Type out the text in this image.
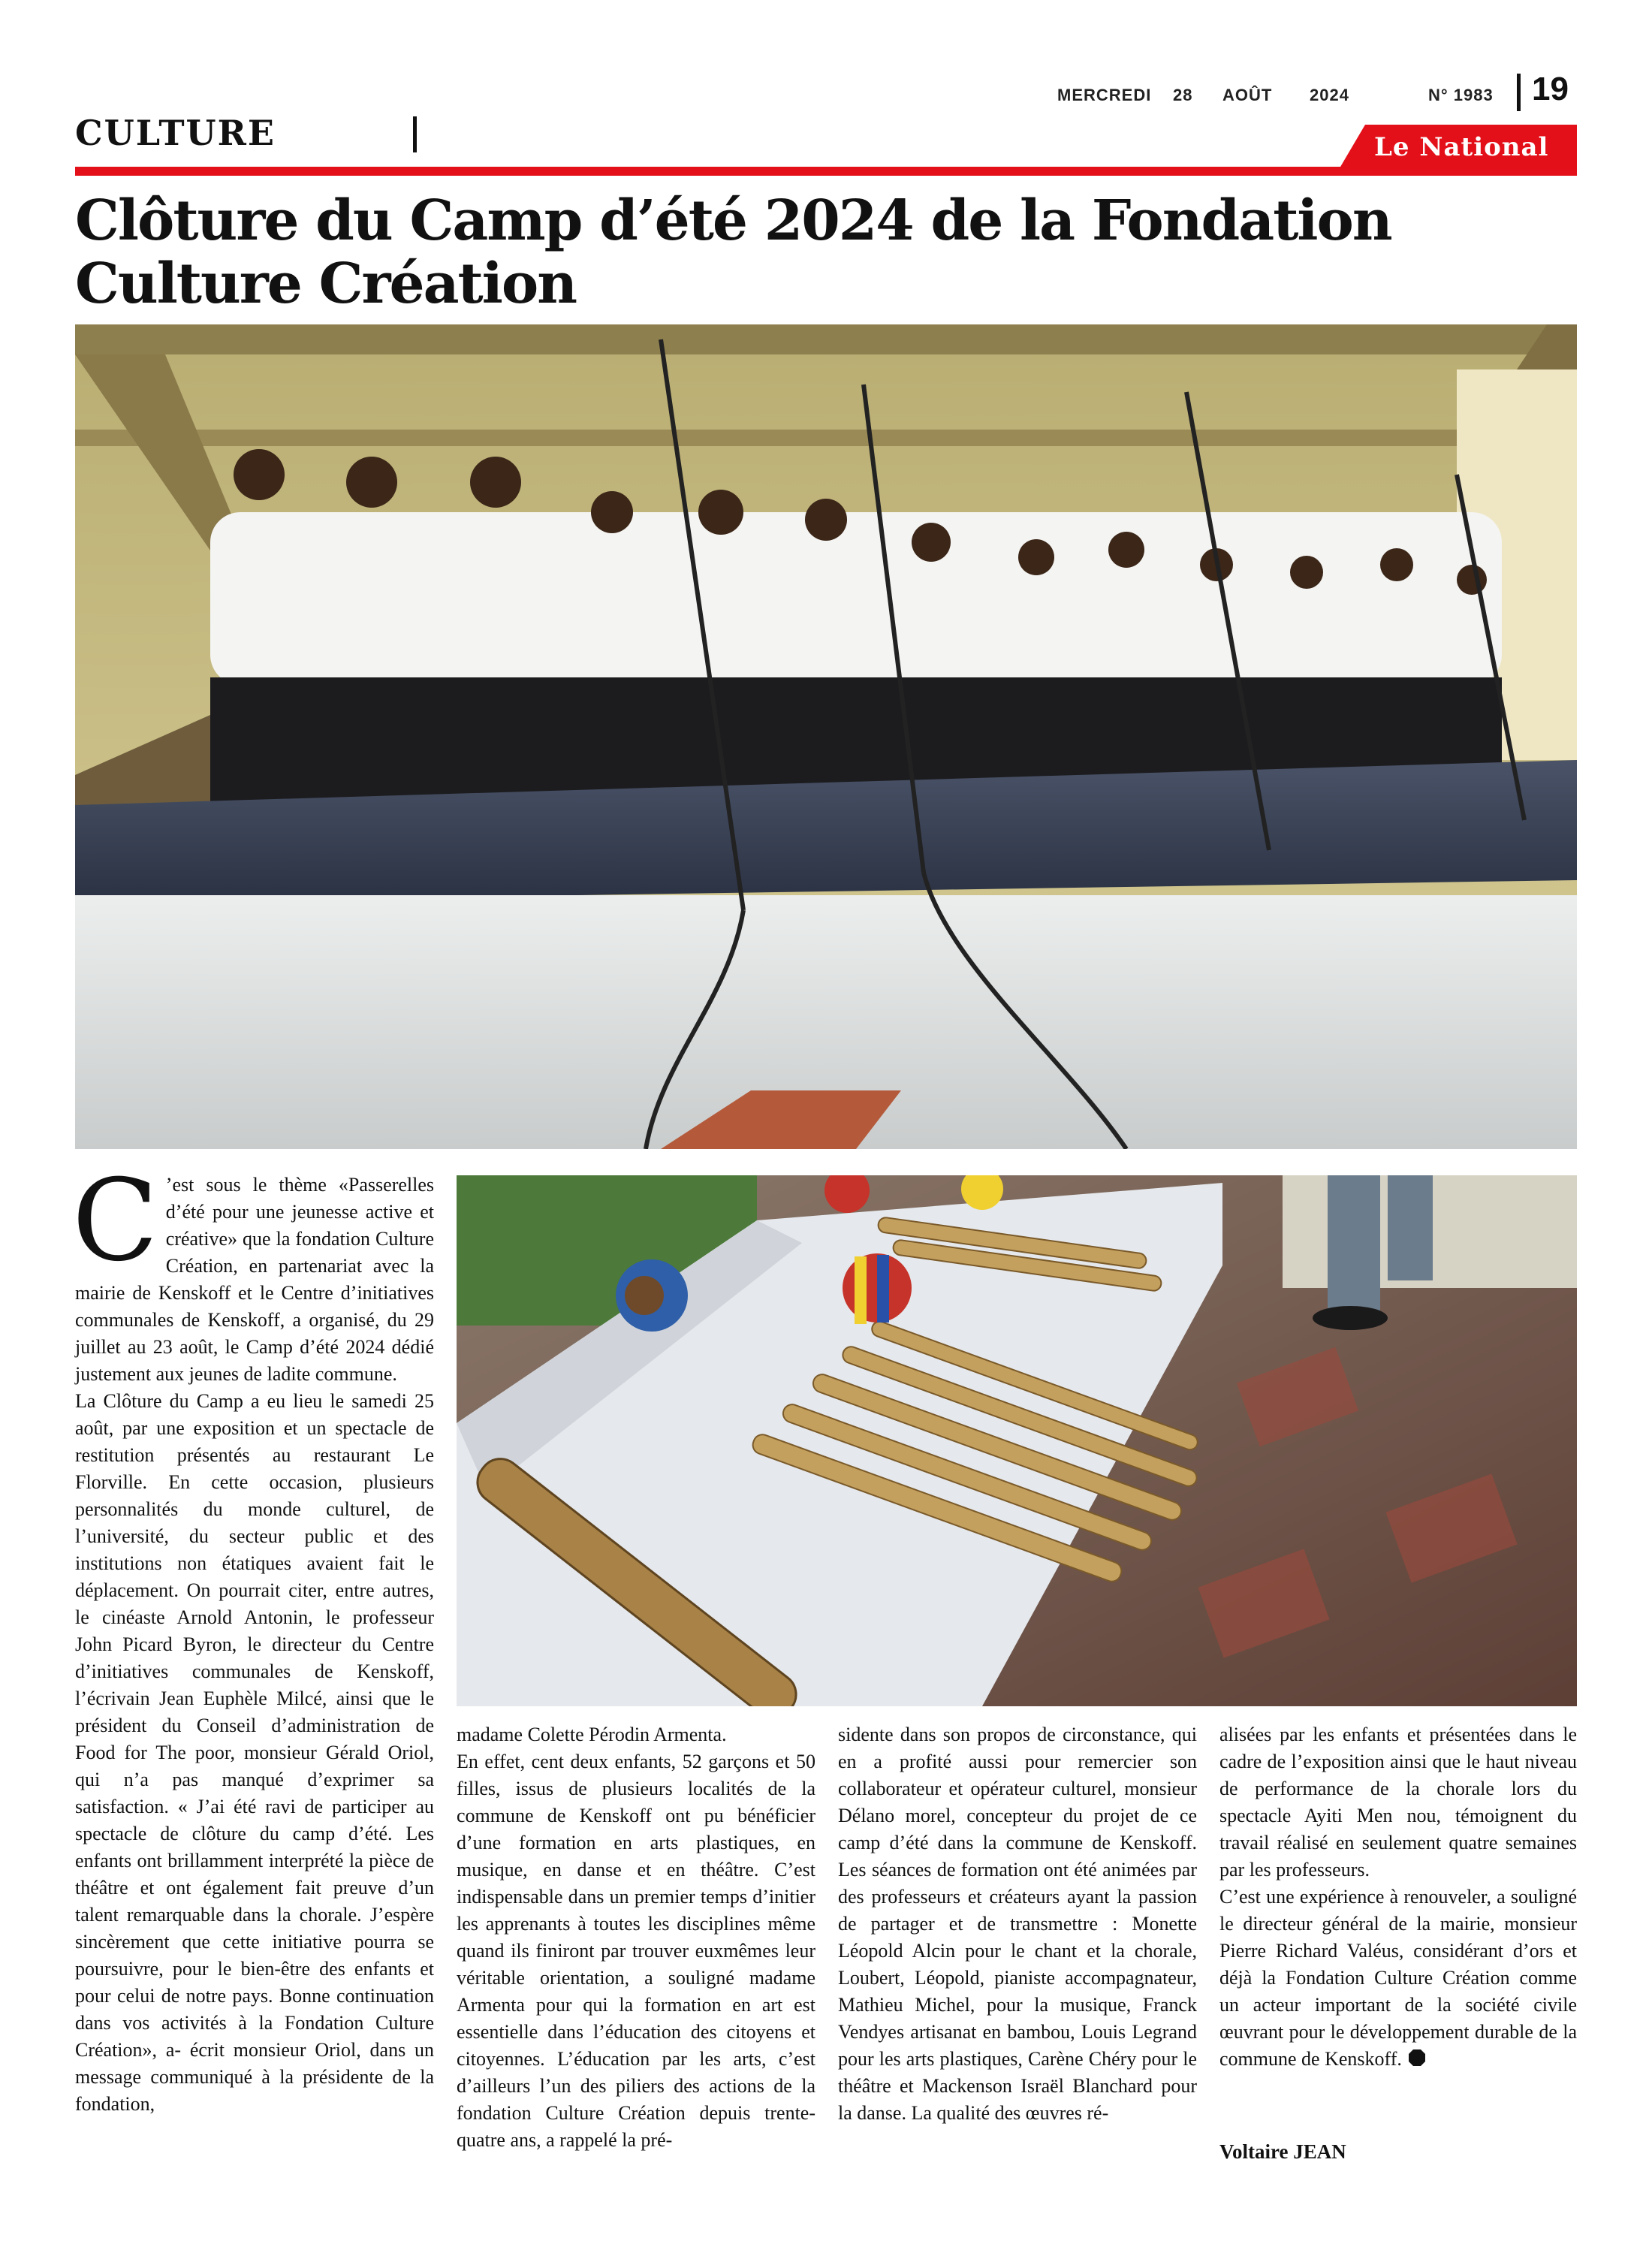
CULTURE
MERCREDI 28 AOÛT 2024	N° 1983 19
Le National
Clôture du Camp d’été 2024 de la Fondation Culture Création

C ’est sous le thème «Passerelles d’été pour une jeunesse active et créative» que la fondation Culture Création, en partenariat avec la mairie de Kenskoff et le Centre d’initiatives communales de Kenskoff, a organisé, du 29 juillet au 23 août, le Camp d’été 2024 dédié justement aux jeunes de ladite commune.

La Clôture du Camp a eu lieu le samedi 25 août, par une exposition et un spectacle de restitution présentés au restaurant Le Florville. En cette occasion, plusieurs personnalités du monde culturel, de l’université, du secteur public et des institutions non étatiques avaient fait le déplacement. On pourrait citer, entre autres, le cinéaste Arnold Antonin, le professeur John Picard Byron, le directeur du Centre d’initiatives communales de Kenskoff, l’écrivain Jean Euphèle Milcé, ainsi que le président du Conseil d’administration de Food for The poor, monsieur Gérald Oriol, qui n’a pas manqué d’exprimer sa satisfaction. « J’ai été ravi de participer au spectacle de clôture du camp d’été. Les enfants ont brillamment interprété la pièce de théâtre et ont également fait preuve d’un talent remarquable dans la chorale. J’espère sincèrement que cette initiative pourra se poursuivre, pour le bien-être des enfants et pour celui de notre pays. Bonne continuation dans vos activités à la Fondation Culture Création», a- écrit monsieur Oriol, dans un message communiqué à la présidente de la fondation,

madame Colette Pérodin Armenta.

En effet, cent deux enfants, 52 garçons et 50 filles, issus de plusieurs localités de la commune de Kenskoff ont pu bénéficier d’une formation en arts plastiques, en musique, en danse et en théâtre. C’est indispensable dans un premier temps d’initier les apprenants à toutes les disciplines même quand ils finiront par trouver euxmêmes leur véritable orientation, a souligné madame Armenta pour qui la formation en art est essentielle dans l’éducation des citoyens et citoyennes. L’éducation par les arts, c’est d’ailleurs l’un des piliers des actions de la fondation Culture Création depuis trente-quatre ans, a rappelé la pré-

sidente dans son propos de circonstance, qui en a profité aussi pour remercier son collaborateur et opérateur culturel, monsieur Délano morel, concepteur du projet de ce camp d’été dans la commune de Kenskoff. Les séances de formation ont été animées par des professeurs et créateurs ayant la passion de partager et de transmettre : Monette Léopold Alcin pour le chant et la chorale, Loubert, Léopold, pianiste accompagnateur, Mathieu Michel, pour la musique, Franck Vendyes artisanat en bambou, Louis Legrand pour les arts plastiques, Carène Chéry pour le théâtre et Mackenson Israël Blanchard pour la danse. La qualité des œuvres ré-

alisées par les enfants et présentées dans le cadre de l’exposition ainsi que le haut niveau de performance de la chorale lors du spectacle Ayiti Men nou, témoignent du travail réalisé en seulement quatre semaines par les professeurs.

C’est une expérience à renouveler, a souligné le directeur général de la mairie, monsieur Pierre Richard Valéus, considérant d’ors et déjà la Fondation Culture Création comme un acteur important de la société civile œuvrant pour le développement durable de la commune de Kenskoff.

Voltaire JEAN
